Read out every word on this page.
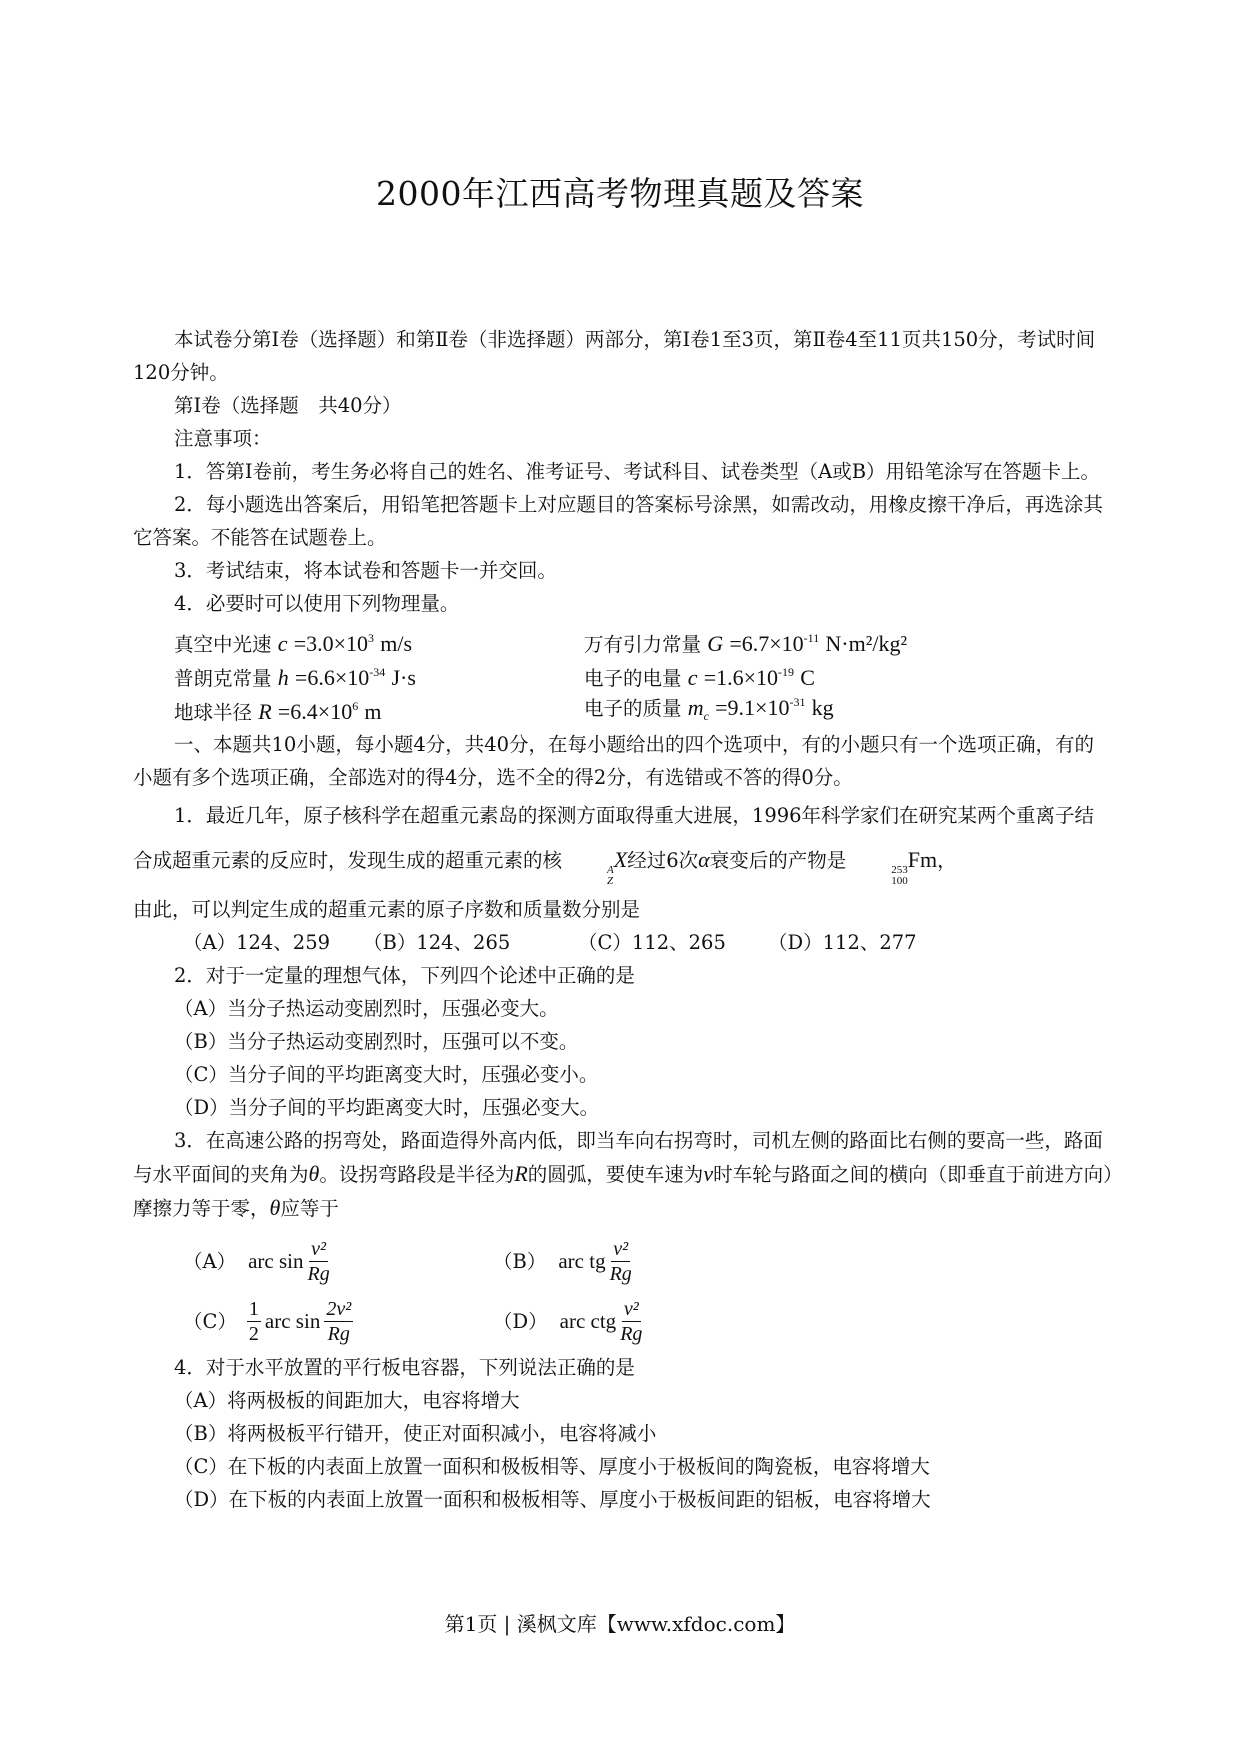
2000年江西高考物理真题及答案

本试卷分第Ⅰ卷（选择题）和第Ⅱ卷（非选择题）两部分，第Ⅰ卷1至3页，第Ⅱ卷4至11页共150分，考试时间120分钟。

第Ⅰ卷（选择题　共40分）

注意事项：

1．答第Ⅰ卷前，考生务必将自己的姓名、准考证号、考试科目、试卷类型（A或B）用铅笔涂写在答题卡上。

2．每小题选出答案后，用铅笔把答题卡上对应题目的答案标号涂黑，如需改动，用橡皮擦干净后，再选涂其它答案。不能答在试题卷上。

3．考试结束，将本试卷和答题卡一并交回。

4．必要时可以使用下列物理量。

真空中光速 $c =3.0\times 10^3$ m/s	万有引力常量 $G =6.7\times 10^{-11}$ N·m²/kg²
普朗克常量 $h =6.6\times 10^{-34}$ J·s	电子的电量 $c =1.6\times 10^{-19}$ C
地球半径 $R =6.4\times 10^6$ m	电子的质量 $m_c =9.1\times 10^{-31}$ kg

一、本题共10小题，每小题4分，共40分，在每小题给出的四个选项中，有的小题只有一个选项正确，有的小题有多个选项正确，全部选对的得4分，选不全的得2分，有选错或不答的得0分。

1．最近几年，原子核科学在超重元素岛的探测方面取得重大进展，1996年科学家们在研究某两个重离子结合成超重元素的反应时，发现生成的超重元素的核	A
Z
X经过6次α衰变后的产物是	253
100
Fm，

由此，可以判定生成的超重元素的原子序数和质量数分别是

（A）124、259	（B）124、265	（C）112、265	（D）112、277

2．对于一定量的理想气体，下列四个论述中正确的是

（A）当分子热运动变剧烈时，压强必变大。

（B）当分子热运动变剧烈时，压强可以不变。

（C）当分子间的平均距离变大时，压强必变小。

（D）当分子间的平均距离变大时，压强必变大。

3．在高速公路的拐弯处，路面造得外高内低，即当车向右拐弯时，司机左侧的路面比右侧的要高一些，路面与水平面间的夹角为θ。设拐弯路段是半径为R的圆弧，要使车速为v时车轮与路面之间的横向（即垂直于前进方向）摩擦力等于零，θ应等于

（A） arc $\sin \frac{\text{v²}}{Rg}$	（B） arc tg $\frac{\text{v²}}{Rg}$
$(C) \frac{1}{2}$ arc $\sin \frac{\text{2v²}}{Rg}$	（D） arc ctg $\frac{\text{v²}}{Rg}$

4．对于水平放置的平行板电容器，下列说法正确的是

（A）将两极板的间距加大，电容将增大

（B）将两极板平行错开，使正对面积减小，电容将减小

（C）在下板的内表面上放置一面积和极板相等、厚度小于极板间的陶瓷板，电容将增大

（D）在下板的内表面上放置一面积和极板相等、厚度小于极板间距的铝板，电容将增大

第1页 | 溪枫文库【www.xfdoc.com】
